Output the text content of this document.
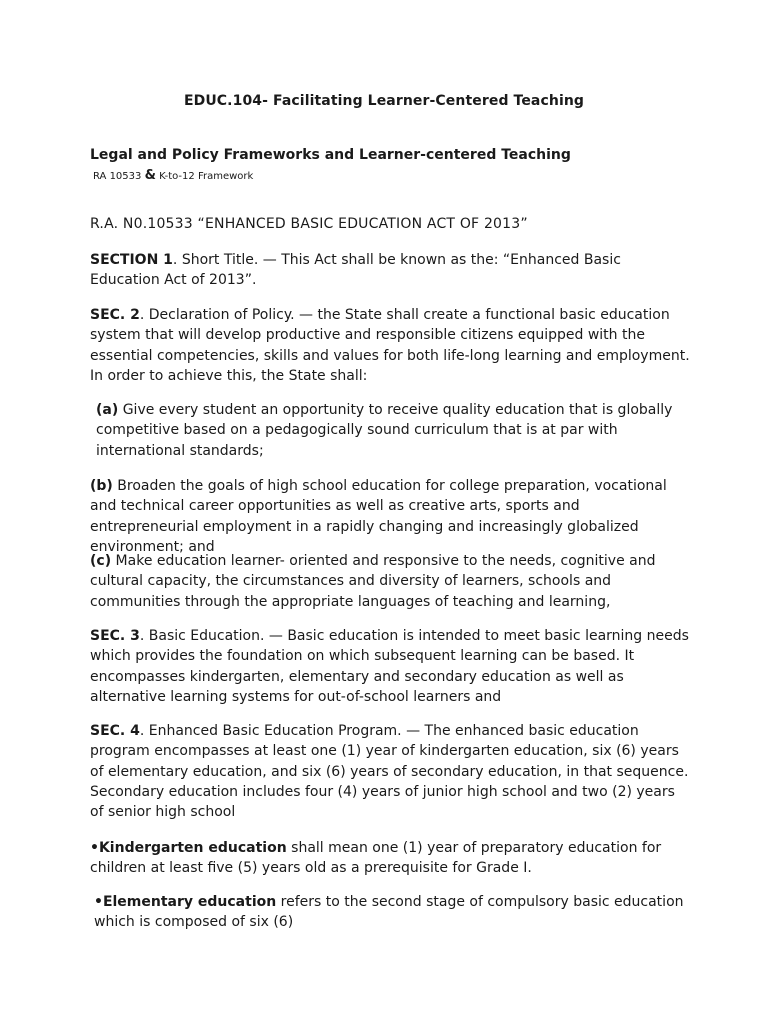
EDUC.104- Facilitating Learner-Centered Teaching
Legal and Policy Frameworks and Learner-centered Teaching
RA 10533 & K-to-12 Framework
R.A. N0.10533 “ENHANCED BASIC EDUCATION ACT OF 2013”

SECTION 1. Short Title. — This Act shall be known as the: “Enhanced Basic Education Act of 2013”.

SEC. 2. Declaration of Policy. — the State shall create a functional basic education system that will develop productive and responsible citizens equipped with the essential competencies, skills and values for both life-long learning and employment. In order to achieve this, the State shall:

(a) Give every student an opportunity to receive quality education that is globally competitive based on a pedagogically sound curriculum that is at par with international standards;

(b) Broaden the goals of high school education for college preparation, vocational and technical career opportunities as well as creative arts, sports and entrepreneurial employment in a rapidly changing and increasingly globalized environment; and

(c) Make education learner- oriented and responsive to the needs, cognitive and cultural capacity, the circumstances and diversity of learners, schools and communities through the appropriate languages of teaching and learning,

SEC. 3. Basic Education. — Basic education is intended to meet basic learning needs which provides the foundation on which subsequent learning can be based. It encompasses kindergarten, elementary and secondary education as well as alternative learning systems for out-of-school learners and

SEC. 4. Enhanced Basic Education Program. — The enhanced basic education program encompasses at least one (1) year of kindergarten education, six (6) years of elementary education, and six (6) years of secondary education, in that sequence. Secondary education includes four (4) years of junior high school and two (2) years of senior high school

•Kindergarten education shall mean one (1) year of preparatory education for children at least five (5) years old as a prerequisite for Grade I.

•Elementary education refers to the second stage of compulsory basic education which is composed of six (6)
